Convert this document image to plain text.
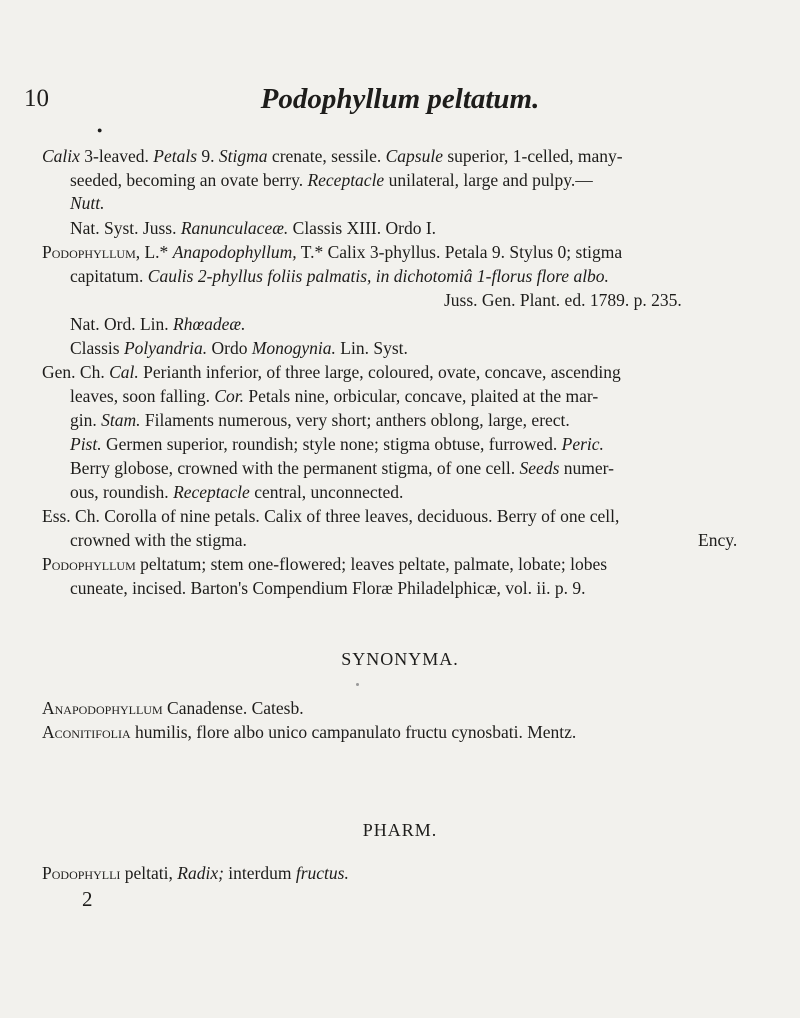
10	Podophyllum peltatum.
●
Calix 3-leaved. Petals 9. Stigma crenate, sessile. Capsule superior, 1-celled, many-
seeded, becoming an ovate berry. Receptacle unilateral, large and pulpy.—
Nutt.
Nat. Syst. Juss. Ranunculaceæ. Classis XIII. Ordo I.
Podophyllum, L.* Anapodophyllum, T.* Calix 3-phyllus. Petala 9. Stylus 0; stigma
capitatum. Caulis 2-phyllus foliis palmatis, in dichotomiâ 1-florus flore albo.
Juss. Gen. Plant. ed. 1789. p. 235.
Nat. Ord. Lin. Rhœadeæ.
Classis Polyandria. Ordo Monogynia. Lin. Syst.
Gen. Ch. Cal. Perianth inferior, of three large, coloured, ovate, concave, ascending
leaves, soon falling. Cor. Petals nine, orbicular, concave, plaited at the mar-
gin. Stam. Filaments numerous, very short; anthers oblong, large, erect.
Pist. Germen superior, roundish; style none; stigma obtuse, furrowed. Peric.
Berry globose, crowned with the permanent stigma, of one cell. Seeds numer-
ous, roundish. Receptacle central, unconnected.
Ess. Ch. Corolla of nine petals. Calix of three leaves, deciduous. Berry of one cell,
crowned with the stigma.	Ency.
Podophyllum peltatum; stem one-flowered; leaves peltate, palmate, lobate; lobes
cuneate, incised. Barton's Compendium Floræ Philadelphicæ, vol. ii. p. 9.
SYNONYMA.
Anapodophyllum Canadense. Catesb.
Aconitifolia humilis, flore albo unico campanulato fructu cynosbati. Mentz.
PHARM.
Podophylli peltati, Radix; interdum fructus.
2
